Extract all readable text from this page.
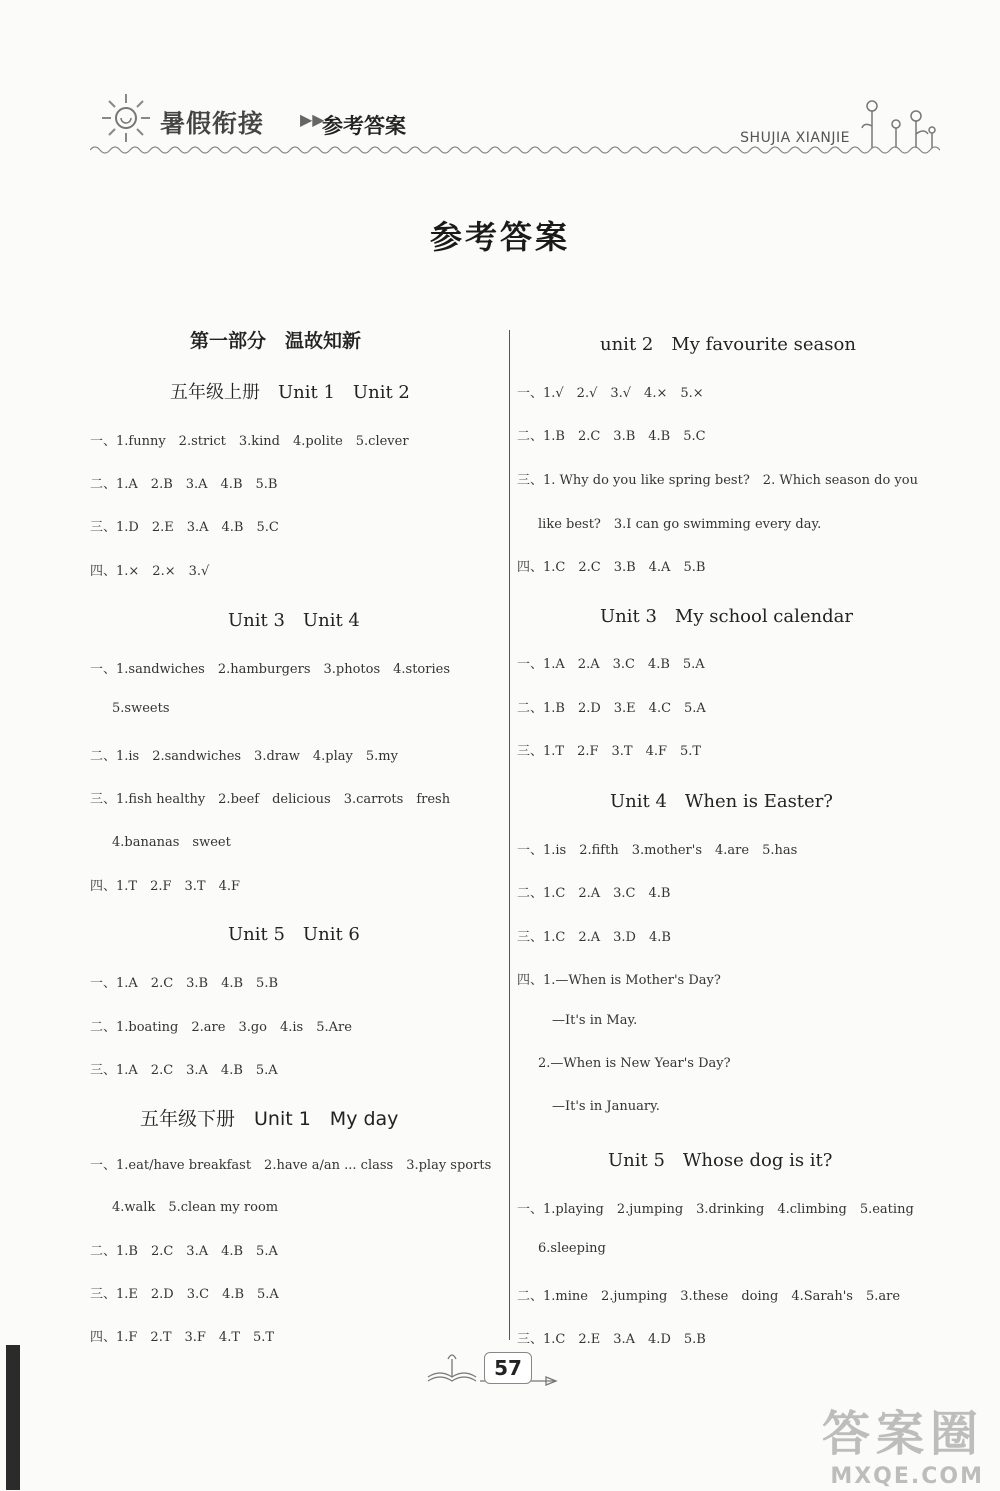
暑假衔接 ▶▶
参考答案	SHUJIA XIANJIE
参考答案
第一部分　温故知新
五年级上册　Unit 1　Unit 2
一、1.funny　2.strict　3.kind　4.polite　5.clever
二、1.A　2.B　3.A　4.B　5.B
三、1.D　2.E　3.A　4.B　5.C
四、1.×　2.×　3.√
Unit 3　Unit 4
一、1.sandwiches　2.hamburgers　3.photos　4.stories
5.sweets
二、1.is　2.sandwiches　3.draw　4.play　5.my
三、1.fish healthy　2.beef　delicious　3.carrots　fresh
4.bananas　sweet
四、1.T　2.F　3.T　4.F
Unit 5　Unit 6
一、1.A　2.C　3.B　4.B　5.B
二、1.boating　2.are　3.go　4.is　5.Are
三、1.A　2.C　3.A　4.B　5.A
五年级下册　Unit 1　My day
一、1.eat/have breakfast　2.have a/an ... class　3.play sports
4.walk　5.clean my room
二、1.B　2.C　3.A　4.B　5.A
三、1.E　2.D　3.C　4.B　5.A
四、1.F　2.T　3.F　4.T　5.T
unit 2　My favourite season
一、1.√　2.√　3.√　4.×　5.×
二、1.B　2.C　3.B　4.B　5.C
三、1. Why do you like spring best?　2. Which season do you
like best?　3.I can go swimming every day.
四、1.C　2.C　3.B　4.A　5.B
Unit 3　My school calendar
一、1.A　2.A　3.C　4.B　5.A
二、1.B　2.D　3.E　4.C　5.A
三、1.T　2.F　3.T　4.F　5.T
Unit 4　When is Easter?
一、1.is　2.fifth　3.mother's　4.are　5.has
二、1.C　2.A　3.C　4.B
三、1.C　2.A　3.D　4.B
四、1.—When is Mother's Day?
—It's in May.
2.—When is New Year's Day?
—It's in January.
Unit 5　Whose dog is it?
一、1.playing　2.jumping　3.drinking　4.climbing　5.eating
6.sleeping
二、1.mine　2.jumping　3.these　doing　4.Sarah's　5.are
三、1.C　2.E　3.A　4.D　5.B
57
答案圈
MXQE.COM
